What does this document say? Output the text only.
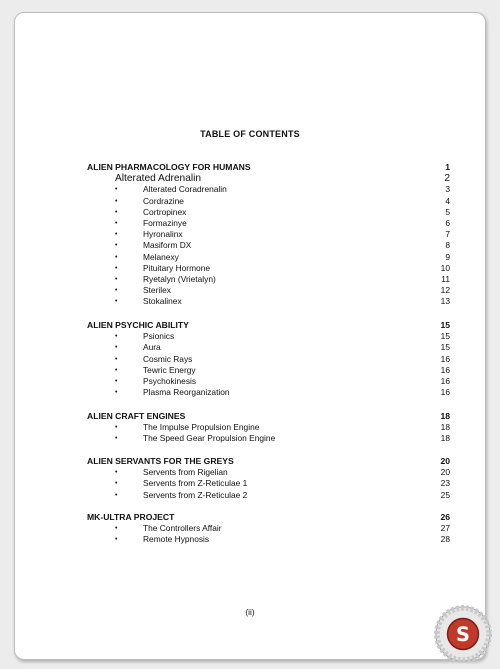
TABLE OF CONTENTS
ALIEN PHARMACOLOGY FOR HUMANS	1
Alterated Adrenalin	2
•	Alterated Coradrenalin	3
•	Cordrazine	4
•	Cortropinex	5
•	Formazinye	6
•	Hyronalinx	7
•	Masiform DX	8
•	Melanexy	9
•	Pituitary Hormone	10
•	Ryetalyn (Vrietalyn)	11
•	Sterilex	12
•	Stokalinex	13
ALIEN PSYCHIC ABILITY	15
•	Psionics	15
•	Aura	15
•	Cosmic Rays	16
•	Tewric Energy	16
•	Psychokinesis	16
•	Plasma Reorganization	16
ALIEN CRAFT ENGINES	18
•	The Impulse Propulsion Engine	18
•	The Speed Gear Propulsion Engine	18
ALIEN SERVANTS FOR THE GREYS	20
•	Servents from Rigelian	20
•	Servents from Z-Reticulae 1	23
•	Servents from Z-Reticulae 2	25
MK-ULTRA PROJECT	26
•	The Controllers Affair	27
•	Remote Hypnosis	28
(ii)
S
